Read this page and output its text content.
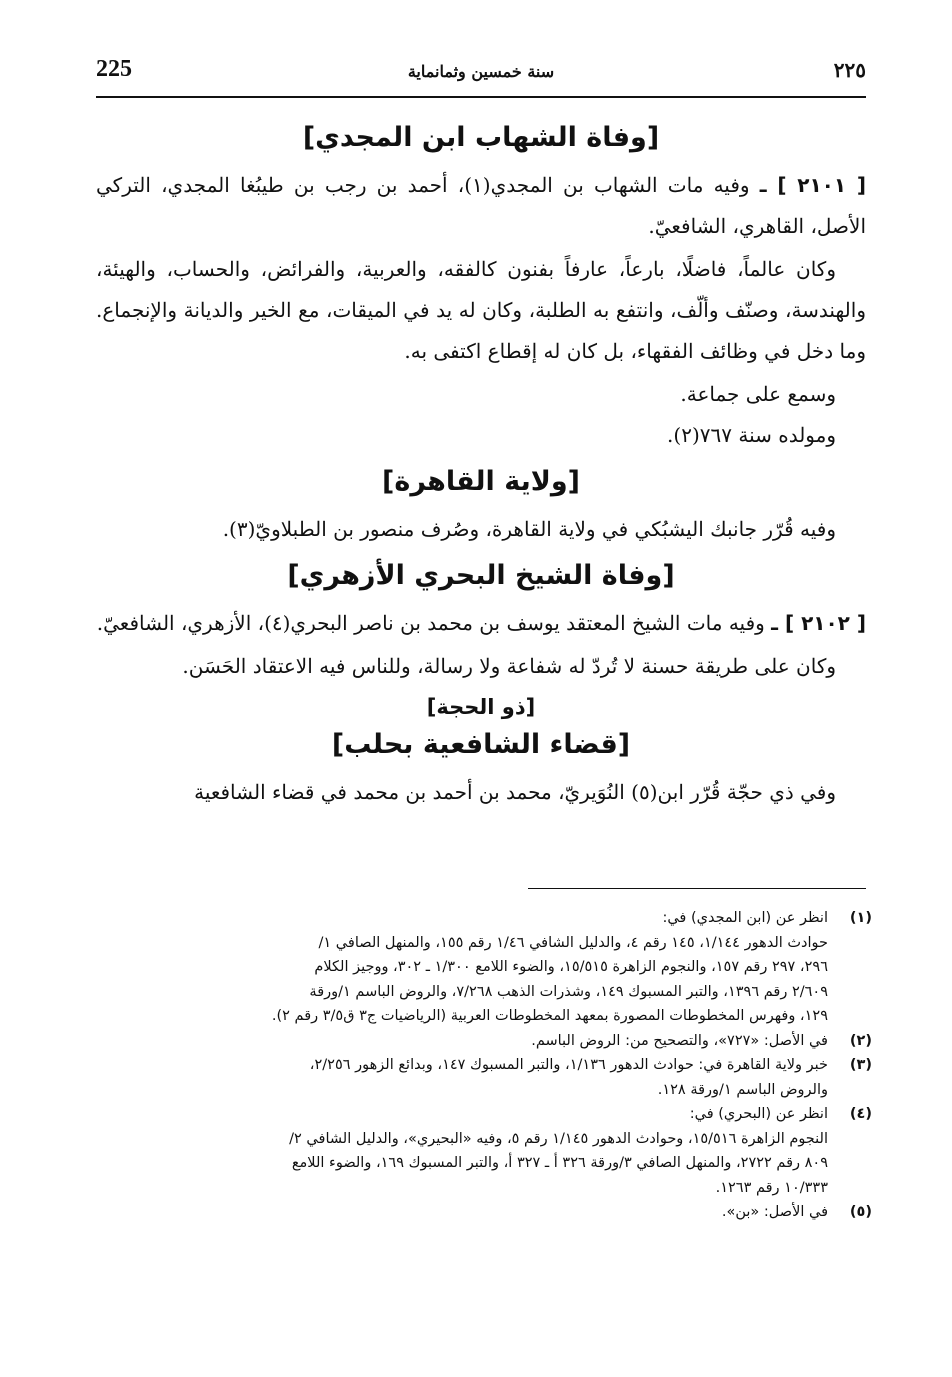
225	سنة خمسين وثمانماية	٢٢٥
[وفاة الشهاب ابن المجدي]

[ ٢١٠١ ] ـ وفيه مات الشهاب بن المجدي(١)، أحمد بن رجب بن طيبُغا المجدي، التركي الأصل، القاهري، الشافعيّ.

وكان عالماً، فاضلًا، بارعاً، عارفاً بفنون كالفقه، والعربية، والفرائض، والحساب، والهيئة، والهندسة، وصنّف وألّف، وانتفع به الطلبة، وكان له يد في الميقات، مع الخير والديانة والإنجماع. وما دخل في وظائف الفقهاء، بل كان له إقطاع اكتفى به.

وسمع على جماعة.

ومولده سنة ٧٦٧(٢).

[ولاية القاهرة]

وفيه قُرّر جانبك اليشبُكي في ولاية القاهرة، وصُرف منصور بن الطبلاويّ(٣).

[وفاة الشيخ البحري الأزهري]

[ ٢١٠٢ ] ـ وفيه مات الشيخ المعتقد يوسف بن محمد بن ناصر البحري(٤)، الأزهري، الشافعيّ.

وكان على طريقة حسنة لا تُردّ له شفاعة ولا رسالة، وللناس فيه الاعتقاد الحَسَن.

[ذو الحجة]
[قضاء الشافعية بحلب]

وفي ذي حجّة قُرّر ابن(٥) النُوَيريّ، محمد بن أحمد بن محمد في قضاء الشافعية

(١)
انظر عن (ابن المجدي) في:
حوادث الدهور ١/١٤٤، ١٤٥ رقم ٤، والدليل الشافي ١/٤٦ رقم ١٥٥، والمنهل الصافي ١/
٢٩٦، ٢٩٧ رقم ١٥٧، والنجوم الزاهرة ١٥/٥١٥، والضوء اللامع ١/٣٠٠ ـ ٣٠٢، ووجيز الكلام
٢/٦٠٩ رقم ١٣٩٦، والتبر المسبوك ١٤٩، وشذرات الذهب ٧/٢٦٨، والروض الباسم ١/ورقة
١٢٩، وفهرس المخطوطات المصورة بمعهد المخطوطات العربية (الرياضيات ج٣ ق٣/٥ رقم ٢).
(٢)
في الأصل: «٧٢٧»، والتصحيح من: الروض الباسم.
(٣)
خبر ولاية القاهرة في: حوادث الدهور ١/١٣٦، والتبر المسبوك ١٤٧، وبدائع الزهور ٢/٢٥٦،
والروض الباسم ١/ورقة ١٢٨.
(٤)
انظر عن (البحري) في:
النجوم الزاهرة ١٥/٥١٦، وحوادث الدهور ١/١٤٥ رقم ٥، وفيه «البحيري»، والدليل الشافي ٢/
٨٠٩ رقم ٢٧٢٢، والمنهل الصافي ٣/ورقة ٣٢٦ أ ـ ٣٢٧ أ، والتبر المسبوك ١٦٩، والضوء اللامع
١٠/٣٣٣ رقم ١٢٦٣.
(٥)
في الأصل: «بن».
